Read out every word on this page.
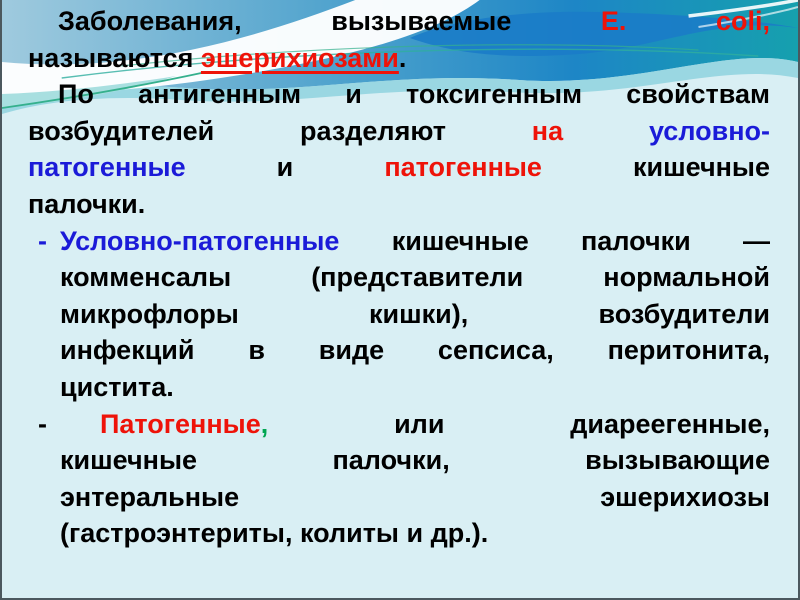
Заболевания, вызываемые E. coli,
называются эшерихиозами.
По антигенным и токсигенным свойствам
возбудителей разделяют на условно-
патогенные и патогенные кишечные
палочки.
- Условно-патогенные кишечные палочки —
комменсалы (представители нормальной
микрофлоры кишки), возбудители
инфекций в виде сепсиса, перитонита,
цистита.
- Патогенные, или диареегенные,
кишечные палочки, вызывающие
энтеральные эшерихиозы
(гастроэнтериты, колиты и др.).
